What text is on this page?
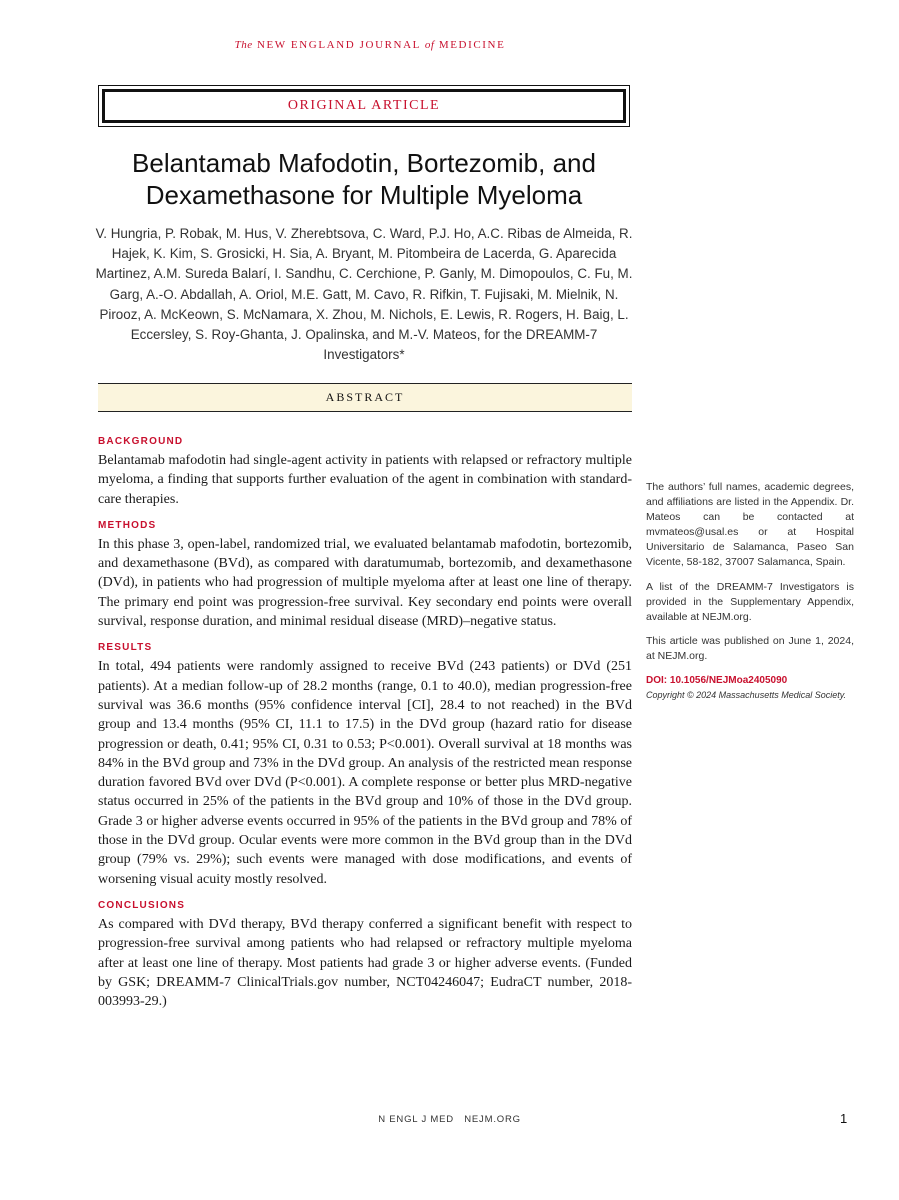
The NEW ENGLAND JOURNAL of MEDICINE
ORIGINAL ARTICLE
Belantamab Mafodotin, Bortezomib, and Dexamethasone for Multiple Myeloma
V. Hungria, P. Robak, M. Hus, V. Zherebtsova, C. Ward, P.J. Ho, A.C. Ribas de Almeida, R. Hajek, K. Kim, S. Grosicki, H. Sia, A. Bryant, M. Pitombeira de Lacerda, G. Aparecida Martinez, A.M. Sureda Balarí, I. Sandhu, C. Cerchione, P. Ganly, M. Dimopoulos, C. Fu, M. Garg, A.-O. Abdallah, A. Oriol, M.E. Gatt, M. Cavo, R. Rifkin, T. Fujisaki, M. Mielnik, N. Pirooz, A. McKeown, S. McNamara, X. Zhou, M. Nichols, E. Lewis, R. Rogers, H. Baig, L. Eccersley, S. Roy-Ghanta, J. Opalinska, and M.-V. Mateos, for the DREAMM-7 Investigators*
ABSTRACT

BACKGROUND

Belantamab mafodotin had single-agent activity in patients with relapsed or refractory multiple myeloma, a finding that supports further evaluation of the agent in combination with standard-care therapies.

METHODS

In this phase 3, open-label, randomized trial, we evaluated belantamab mafodotin, bortezomib, and dexamethasone (BVd), as compared with daratumumab, bortezomib, and dexamethasone (DVd), in patients who had progression of multiple myeloma after at least one line of therapy. The primary end point was progression-free survival. Key secondary end points were overall survival, response duration, and minimal residual disease (MRD)–negative status.

RESULTS

In total, 494 patients were randomly assigned to receive BVd (243 patients) or DVd (251 patients). At a median follow-up of 28.2 months (range, 0.1 to 40.0), median progression-free survival was 36.6 months (95% confidence interval [CI], 28.4 to not reached) in the BVd group and 13.4 months (95% CI, 11.1 to 17.5) in the DVd group (hazard ratio for disease progression or death, 0.41; 95% CI, 0.31 to 0.53; P<0.001). Overall survival at 18 months was 84% in the BVd group and 73% in the DVd group. An analysis of the restricted mean response duration favored BVd over DVd (P<0.001). A complete response or better plus MRD-negative status occurred in 25% of the patients in the BVd group and 10% of those in the DVd group. Grade 3 or higher adverse events occurred in 95% of the patients in the BVd group and 78% of those in the DVd group. Ocular events were more common in the BVd group than in the DVd group (79% vs. 29%); such events were managed with dose modifications, and events of worsening visual acuity mostly resolved.

CONCLUSIONS

As compared with DVd therapy, BVd therapy conferred a significant benefit with respect to progression-free survival among patients who had relapsed or refractory multiple myeloma after at least one line of therapy. Most patients had grade 3 or higher adverse events. (Funded by GSK; DREAMM-7 ClinicalTrials.gov number, NCT04246047; EudraCT number, 2018-003993-29.)

The authors’ full names, academic degrees, and affiliations are listed in the Appendix. Dr. Mateos can be contacted at mvmateos@usal.es or at Hospital Universitario de Salamanca, Paseo San Vicente, 58-182, 37007 Salamanca, Spain.

A list of the DREAMM-7 Investigators is provided in the Supplementary Appendix, available at NEJM.org.

This article was published on June 1, 2024, at NEJM.org.

DOI: 10.1056/NEJMoa2405090

Copyright © 2024 Massachusetts Medical Society.

N ENGL J MED   NEJM.ORG	1
